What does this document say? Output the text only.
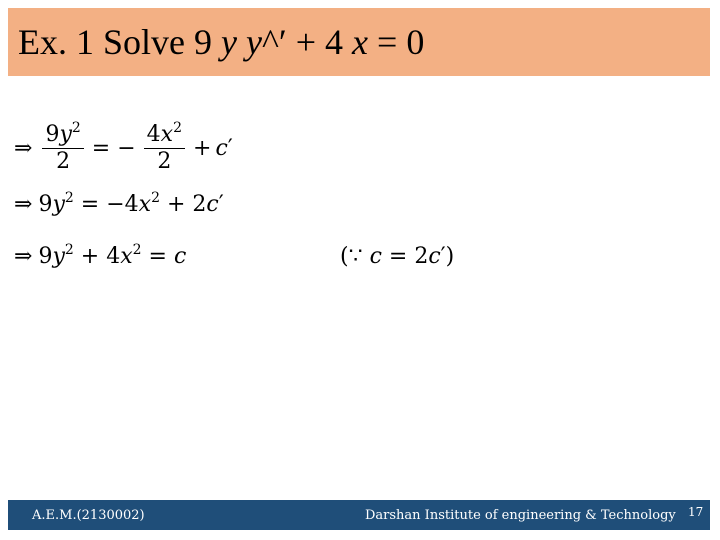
Ex. 1 Solve 9 y y^′ + 4 x = 0
⇒ $\frac{9y^2}{2}$ = − $\frac{4x^2}{2} + c$ ′
⇒ $9y^2 = -4x^2 + 2c'$
⇒ $9y^2 + 4x^2 = c$	(∵ c = 2c′)
A.E.M.(2130002)	Darshan Institute of engineering & Technology 17
